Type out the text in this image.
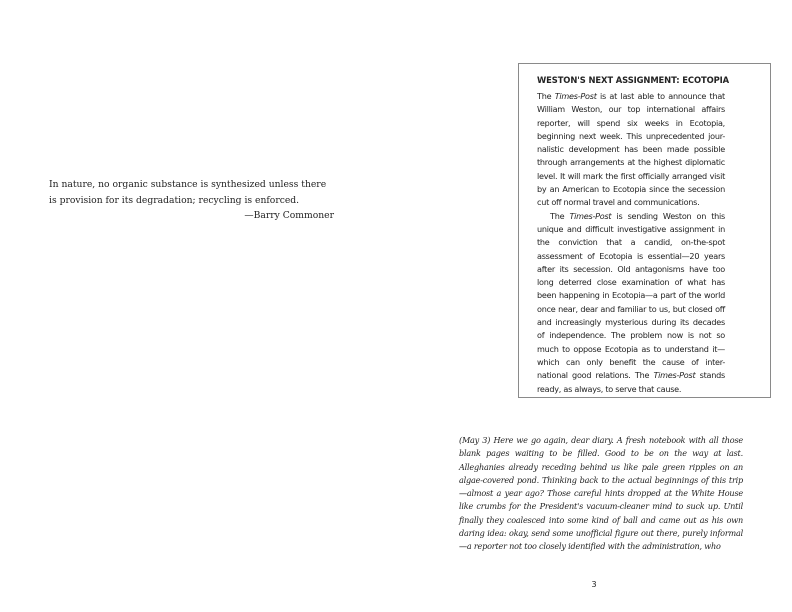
In nature, no organic substance is synthesized unless there is provision for its degradation; recycling is enforced.

—Barry Commoner

WESTON'S NEXT ASSIGNMENT: ECOTOPIA

The Times-Post is at last able to announce that William Weston, our top international affairs reporter, will spend six weeks in Ecotopia, beginning next week. This unprecedented jour-nalistic development has been made possible through arrangements at the highest diplomatic level. It will mark the first officially arranged visit by an American to Ecotopia since the secession cut off normal travel and communications.

The Times-Post is sending Weston on this unique and difficult investigative assignment in the conviction that a candid, on-the-spot assessment of Ecotopia is essential—20 years after its secession. Old antagonisms have too long deterred close examination of what has been happening in Ecotopia—a part of the world once near, dear and familiar to us, but closed off and increasingly mysterious during its decades of independence. The problem now is not so much to oppose Ecotopia as to understand it—which can only benefit the cause of inter-national good relations. The Times-Post stands ready, as always, to serve that cause.

(May 3) Here we go again, dear diary. A fresh notebook with all those blank pages waiting to be filled. Good to be on the way at last. Alleghanies already receding behind us like pale green ripples on an algae-covered pond. Thinking back to the actual beginnings of this trip—almost a year ago? Those careful hints dropped at the White House like crumbs for the President's vacuum-cleaner mind to suck up. Until finally they coalesced into some kind of ball and came out as his own daring idea: okay, send some unofficial figure out there, purely informal—a reporter not too closely identified with the administration, who

3
